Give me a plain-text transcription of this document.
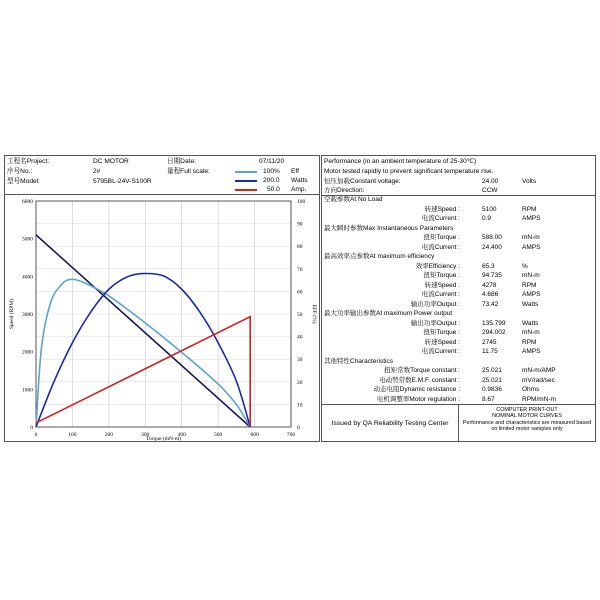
工程名Project:	DC MOTOR	日期Date:	07/11/20
序号No.:	2#	量程Full scale:
型号Model:	5795BL-24V-S100R
100% Eff
200.0 Watts
50.0 Amp.
0	100	200	300	400	500	600	700
0
10
20
30
40
50
60
70
80
90
100
0
1000
2000
3000
4000
5000
6000
Torque (mN-m)
Speed (RPM)	EFF (%)
Performance (in an ambient temperature of 25-30℃)
Motor tested rapidly to prevent significant temperature rise.
恒压加载Constant voltage:	24.00	Volts
方向Direction:	CCW
空载参数At No Load
转速Speed :	5100	RPM
电流Current :	0.9	AMPS
最大瞬时参数Max Instantaneous Parameters
扭矩Torque :	588.00	mN-m
电流Current :	24.400	AMPS
最高效率点参数At maximum efficiency
效率Efficiency :	65.3	%
扭矩Torque :	94.735	mN-m
转速Speed :	4278	RPM
电流Current :	4.686	AMPS
输出功率Output :	73.42	Watts
最大功率输出参数At maximum Power output
输出功率Output :	135.799	Watts
扭矩Torque :	294.002	mN-m
转速Speed :	2745	RPM
电流Current :	11.75	AMPS
其他特性Characteristics
扭矩常数Torque constant :	25.021	mN-m/AMP
电动势常数E.M.F. constant :	25.021	mV/rad/sec
动态电阻Dynamic resistance :	0.9836	Ohms
电机调整率Motor regulation :	8.67	RPM/mN-m
Issued by QA Reliability Testing Center
COMPUTER PRINT-OUT
NOMINAL MOTOR CURVES
Performance and characteristics are measured based
on limited motor samples only
